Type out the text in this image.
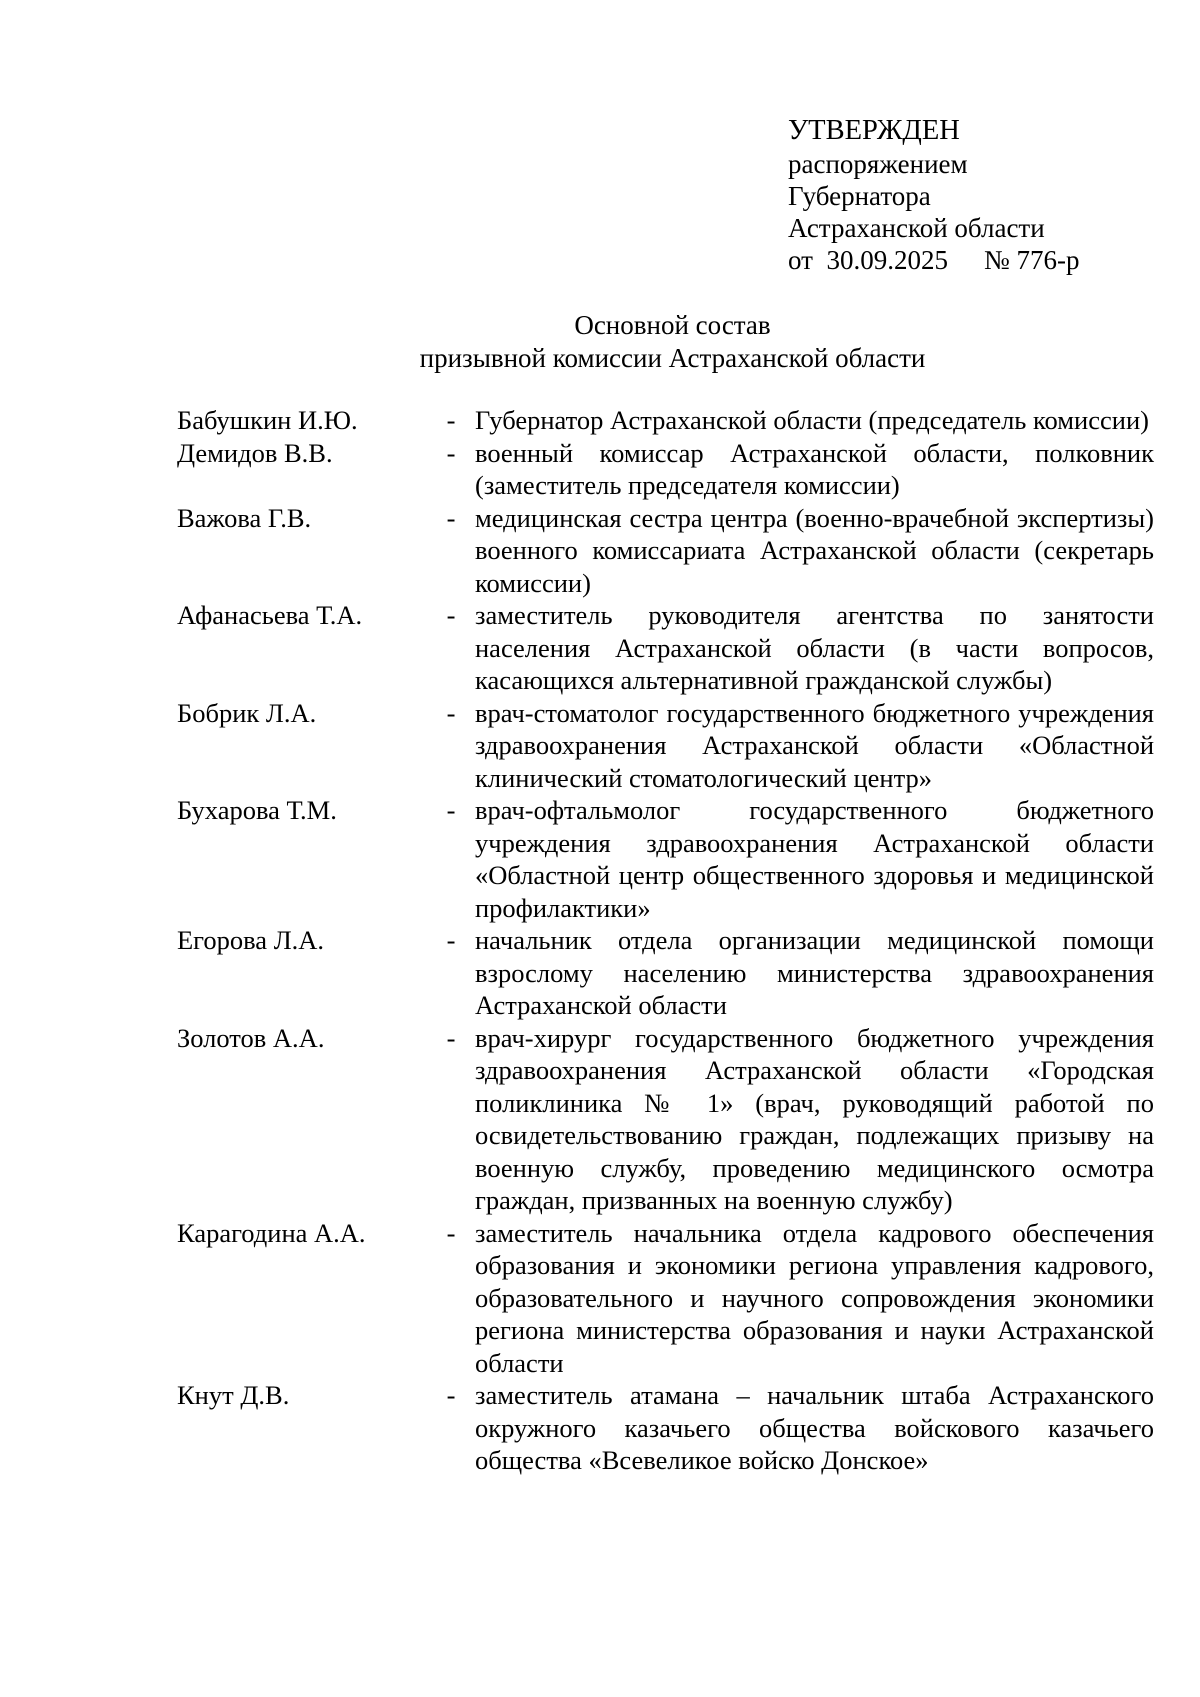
УТВЕРЖДЕН
распоряжением
Губернатора
Астраханской области
от 30.09.2025 № 776-р
Основной состав
призывной комиссии Астраханской области
Бабушкин И.Ю.	- Губернатор Астраханской области (председатель комиссии)
Демидов В.В.	- военный комиссар Астраханской области, полковник (заместитель председателя комиссии)
Важова Г.В.	- медицинская сестра центра (военно-врачебной экспертизы) военного комиссариата Астраханской области (секретарь комиссии)
Афанасьева Т.А.	- заместитель руководителя агентства по занятости населения Астраханской области (в части вопросов, касающихся альтернативной гражданской службы)
Бобрик Л.А.	- врач-стоматолог государственного бюджетного учреждения здравоохранения Астраханской области «Областной клинический стоматологический центр»
Бухарова Т.М.	- врач-офтальмолог государственного бюджетного учреждения здравоохранения Астраханской области «Областной центр общественного здоровья и медицинской профилактики»
Егорова Л.А.	- начальник отдела организации медицинской помощи взрослому населению министерства здравоохранения Астраханской области
Золотов А.А.	- врач-хирург государственного бюджетного учреждения здравоохранения Астраханской области «Городская поликлиника № 1» (врач, руководящий работой по освидетельствованию граждан, подлежащих призыву на военную службу, проведению медицинского осмотра граждан, призванных на военную службу)
Карагодина А.А.	- заместитель начальника отдела кадрового обеспечения образования и экономики региона управления кадрового, образовательного и научного сопровождения экономики региона министерства образования и науки Астраханской области
Кнут Д.В.	- заместитель атамана – начальник штаба Астраханского окружного казачьего общества войскового казачьего общества «Всевеликое войско Донское»
